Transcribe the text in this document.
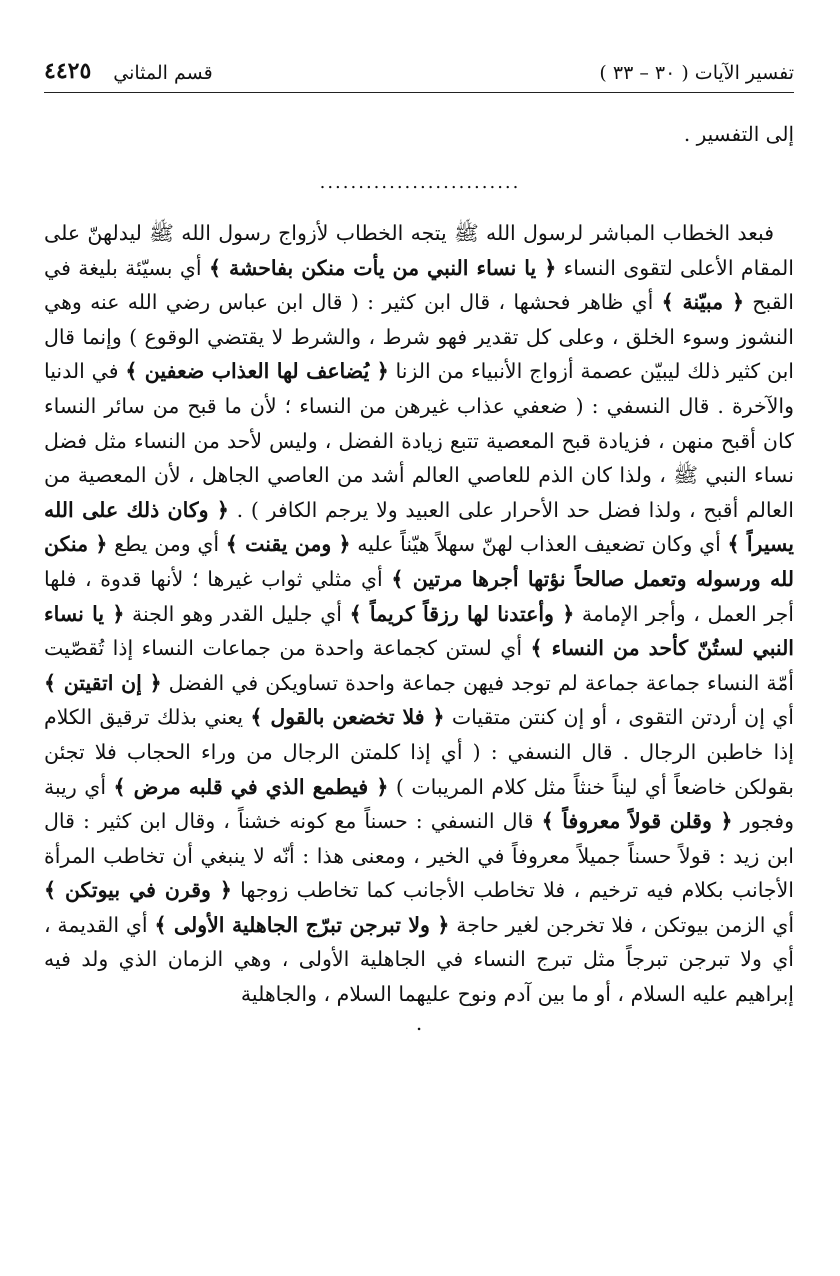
تفسير الآيات ( ٣٠ – ٣٣ )
قسم المثاني
٤٤٢٥
إلى التفسير .
..........................

فبعد الخطاب المباشر لرسول الله ﷺ يتجه الخطاب لأزواج رسول الله ﷺ ليدلهنّ على المقام الأعلى لتقوى النساء ﴿ يا نساء النبي من يأت منكن بفاحشة ﴾ أي بسيّئة بليغة في القبح ﴿ مبيّنة ﴾ أي ظاهر فحشها ، قال ابن كثير : ( قال ابن عباس رضي الله عنه وهي النشوز وسوء الخلق ، وعلى كل تقدير فهو شرط ، والشرط لا يقتضي الوقوع ) وإنما قال ابن كثير ذلك ليبيّن عصمة أزواج الأنبياء من الزنا ﴿ يُضاعف لها العذاب ضعفين ﴾ في الدنيا والآخرة . قال النسفي : ( ضعفي عذاب غيرهن من النساء ؛ لأن ما قبح من سائر النساء كان أقبح منهن ، فزيادة قبح المعصية تتبع زيادة الفضل ، وليس لأحد من النساء مثل فضل نساء النبي ﷺ ، ولذا كان الذم للعاصي العالم أشد من العاصي الجاهل ، لأن المعصية من العالم أقبح ، ولذا فضل حد الأحرار على العبيد ولا يرجم الكافر ) . ﴿ وكان ذلك على الله يسيراً ﴾ أي وكان تضعيف العذاب لهنّ سهلاً هيّناً عليه ﴿ ومن يقنت ﴾ أي ومن يطع ﴿ منكن لله ورسوله وتعمل صالحاً نؤتها أجرها مرتين ﴾ أي مثلي ثواب غيرها ؛ لأنها قدوة ، فلها أجر العمل ، وأجر الإمامة ﴿ وأعتدنا لها رزقاً كريماً ﴾ أي جليل القدر وهو الجنة ﴿ يا نساء النبي لستُنّ كأحد من النساء ﴾ أي لستن كجماعة واحدة من جماعات النساء إذا تُقصّيت أمّة النساء جماعة جماعة لم توجد فيهن جماعة واحدة تساويكن في الفضل ﴿ إن اتقيتن ﴾ أي إن أردتن التقوى ، أو إن كنتن متقيات ﴿ فلا تخضعن بالقول ﴾ يعني بذلك ترقيق الكلام إذا خاطبن الرجال . قال النسفي : ( أي إذا كلمتن الرجال من وراء الحجاب فلا تجئن بقولكن خاضعاً أي ليناً خنثاً مثل كلام المريبات ) ﴿ فيطمع الذي في قلبه مرض ﴾ أي ريبة وفجور ﴿ وقلن قولاً معروفاً ﴾ قال النسفي : حسناً مع كونه خشناً ، وقال ابن كثير : قال ابن زيد : قولاً حسناً جميلاً معروفاً في الخير ، ومعنى هذا : أنّه لا ينبغي أن تخاطب المرأة الأجانب بكلام فيه ترخيم ، فلا تخاطب الأجانب كما تخاطب زوجها ﴿ وقرن في بيوتكن ﴾ أي الزمن بيوتكن ، فلا تخرجن لغير حاجة ﴿ ولا تبرجن تبرّج الجاهلية الأولى ﴾ أي القديمة ، أي ولا تبرجن تبرجاً مثل تبرج النساء في الجاهلية الأولى ، وهي الزمان الذي ولد فيه إبراهيم عليه السلام ، أو ما بين آدم ونوح عليهما السلام ، والجاهلية

.
